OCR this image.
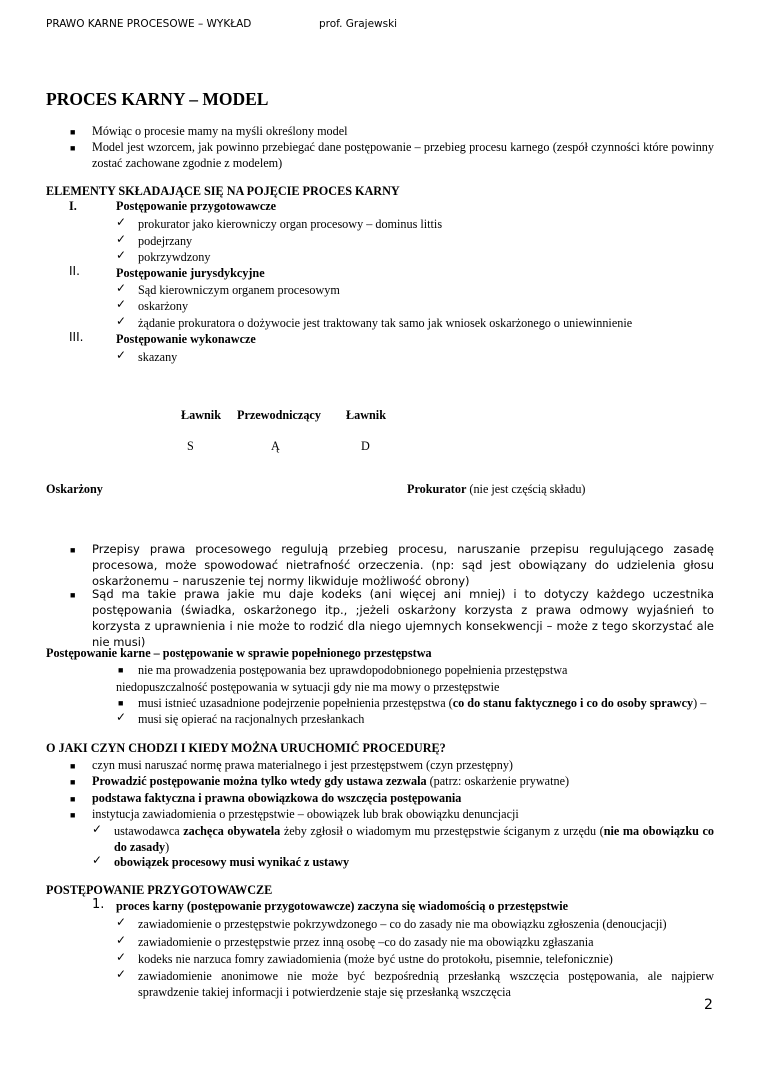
PRAWO KARNE PROCESOWE – WYKŁAD	prof. Grajewski
PROCES KARNY – MODEL
■ Mówiąc o procesie mamy na myśli określony model
■ Model jest wzorcem, jak powinno przebiegać dane postępowanie – przebieg procesu karnego (zespół czynności które powinny zostać zachowane zgodnie z modelem)
ELEMENTY SKŁADAJĄCE SIĘ NA POJĘCIE PROCES KARNY
I.	Postępowanie przygotowawcze
✓ prokurator jako kierowniczy organ procesowy – dominus littis
✓ podejrzany
✓ pokrzywdzony
II.	Postępowanie jurysdykcyjne
✓ Sąd kierowniczym organem procesowym
✓ oskarżony
✓ żądanie prokuratora o dożywocie jest traktowany tak samo jak wniosek oskarżonego o uniewinnienie
III.	Postępowanie wykonawcze
✓ skazany
Ławnik Przewodniczący Ławnik
S	Ą	D
Oskarżony	Prokurator (nie jest częścią składu)
■ Przepisy prawa procesowego regulują przebieg procesu, naruszanie przepisu regulującego zasadę procesowa, może spowodować nietrafność orzeczenia. (np: sąd jest obowiązany do udzielenia głosu oskarżonemu – naruszenie tej normy likwiduje możliwość obrony)
■ Sąd ma takie prawa jakie mu daje kodeks (ani więcej ani mniej) i to dotyczy każdego uczestnika postępowania (świadka, oskarżonego itp., ;jeżeli oskarżony korzysta z prawa odmowy wyjaśnień to korzysta z uprawnienia i nie może to rodzić dla niego ujemnych konsekwencji – może z tego skorzystać ale nie musi)
Postępowanie karne – postępowanie w sprawie popełnionego przestępstwa
■ nie ma prowadzenia postępowania bez uprawdopodobnionego popełnienia przestępstwa
niedopuszczalność postępowania w sytuacji gdy nie ma mowy o przestępstwie
■ musi istnieć uzasadnione podejrzenie popełnienia przestępstwa (co do stanu faktycznego i co do osoby sprawcy) –
✓ musi się opierać na racjonalnych przesłankach
O JAKI CZYN CHODZI I KIEDY MOŻNA URUCHOMIĆ PROCEDURĘ?
■ czyn musi naruszać normę prawa materialnego i jest przestępstwem (czyn przestępny)
■ Prowadzić postępowanie można tylko wtedy gdy ustawa zezwala (patrz: oskarżenie prywatne)
■ podstawa faktyczna i prawna obowiązkowa do wszczęcia postępowania
■ instytucja zawiadomienia o przestępstwie – obowiązek lub brak obowiązku denuncjacji
✓ ustawodawca zachęca obywatela żeby zgłosił o wiadomym mu przestępstwie ściganym z urzędu (nie ma obowiązku co do zasady)
✓ obowiązek procesowy musi wynikać z ustawy
POSTĘPOWANIE PRZYGOTOWAWCZE
1. proces karny (postępowanie przygotowawcze) zaczyna się wiadomością o przestępstwie
✓ zawiadomienie o przestępstwie pokrzywdzonego – co do zasady nie ma obowiązku zgłoszenia (denoucjacji)
✓ zawiadomienie o przestępstwie przez inną osobę –co do zasady nie ma obowiązku zgłaszania
✓ kodeks nie narzuca fomry zawiadomienia (może być ustne do protokołu, pisemnie, telefonicznie)
✓ zawiadomienie anonimowe nie może być bezpośrednią przesłanką wszczęcia postępowania, ale najpierw sprawdzenie takiej informacji i potwierdzenie staje się przesłanką wszczęcia
2
